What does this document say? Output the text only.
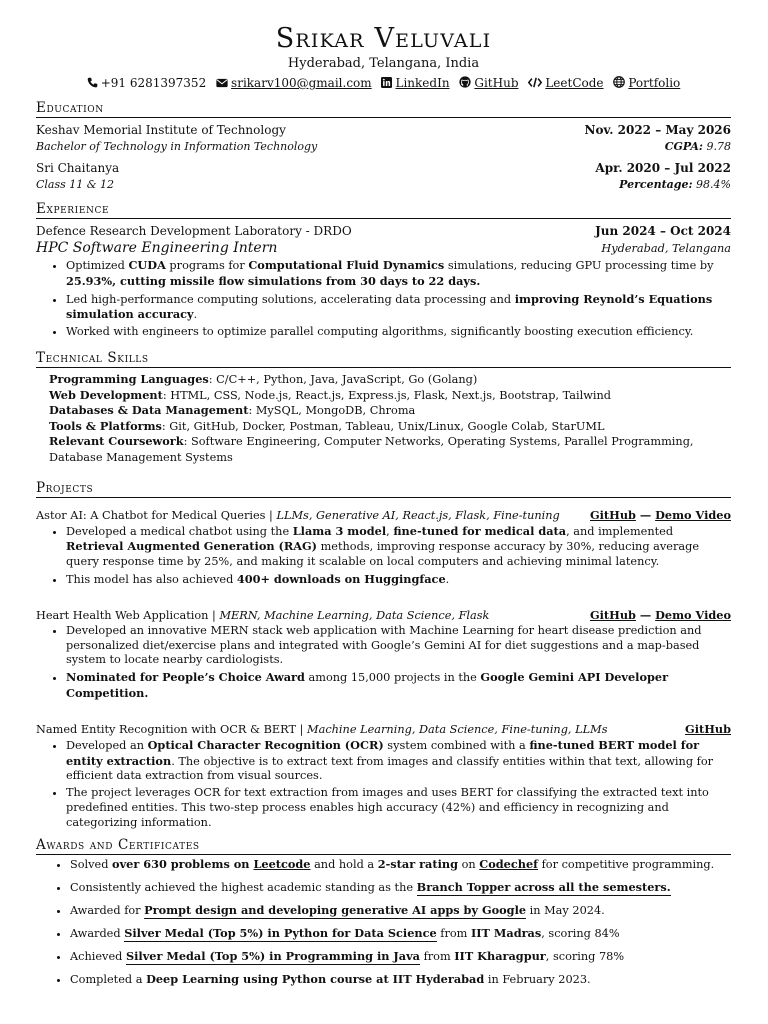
Srikar Veluvali
Hyderabad, Telangana, India
+91 6281397352 srikarv100@gmail.com LinkedIn GitHub LeetCode Portfolio
Education
Keshav Memorial Institute of Technology	Nov. 2022 – May 2026
Bachelor of Technology in Information Technology	CGPA: 9.78
Sri Chaitanya	Apr. 2020 – Jul 2022
Class 11 & 12	Percentage: 98.4%
Experience
Defence Research Development Laboratory - DRDO	Jun 2024 – Oct 2024
HPC Software Engineering Intern	Hyderabad, Telangana
• Optimized CUDA programs for Computational Fluid Dynamics simulations, reducing GPU processing time by 25.93%, cutting missile flow simulations from 30 days to 22 days.
• Led high-performance computing solutions, accelerating data processing and improving Reynold’s Equations simulation accuracy.
• Worked with engineers to optimize parallel computing algorithms, significantly boosting execution efficiency.
Technical Skills
Programming Languages: C/C++, Python, Java, JavaScript, Go (Golang)
Web Development: HTML, CSS, Node.js, React.js, Express.js, Flask, Next.js, Bootstrap, Tailwind
Databases & Data Management: MySQL, MongoDB, Chroma
Tools & Platforms: Git, GitHub, Docker, Postman, Tableau, Unix/Linux, Google Colab, StarUML
Relevant Coursework: Software Engineering, Computer Networks, Operating Systems, Parallel Programming, Database Management Systems
Projects
Astor AI: A Chatbot for Medical Queries | LLMs, Generative AI, React.js, Flask, Fine-tuning	GitHub — Demo Video
• Developed a medical chatbot using the Llama 3 model, fine-tuned for medical data, and implemented Retrieval Augmented Generation (RAG) methods, improving response accuracy by 30%, reducing average query response time by 25%, and making it scalable on local computers and achieving minimal latency.
• This model has also achieved 400+ downloads on Huggingface.
Heart Health Web Application | MERN, Machine Learning, Data Science, Flask	GitHub — Demo Video
• Developed an innovative MERN stack web application with Machine Learning for heart disease prediction and personalized diet/exercise plans and integrated with Google’s Gemini AI for diet suggestions and a map-based system to locate nearby cardiologists.
• Nominated for People’s Choice Award among 15,000 projects in the Google Gemini API Developer Competition.
Named Entity Recognition with OCR & BERT | Machine Learning, Data Science, Fine-tuning, LLMs	GitHub
• Developed an Optical Character Recognition (OCR) system combined with a fine-tuned BERT model for entity extraction. The objective is to extract text from images and classify entities within that text, allowing for efficient data extraction from visual sources.
• The project leverages OCR for text extraction from images and uses BERT for classifying the extracted text into predefined entities. This two-step process enables high accuracy (42%) and efficiency in recognizing and categorizing information.
Awards and Certificates
• Solved over 630 problems on Leetcode and hold a 2-star rating on Codechef for competitive programming.
• Consistently achieved the highest academic standing as the Branch Topper across all the semesters.
• Awarded for Prompt design and developing generative AI apps by Google in May 2024.
• Awarded Silver Medal (Top 5%) in Python for Data Science from IIT Madras, scoring 84%
• Achieved Silver Medal (Top 5%) in Programming in Java from IIT Kharagpur, scoring 78%
• Completed a Deep Learning using Python course at IIT Hyderabad in February 2023.
